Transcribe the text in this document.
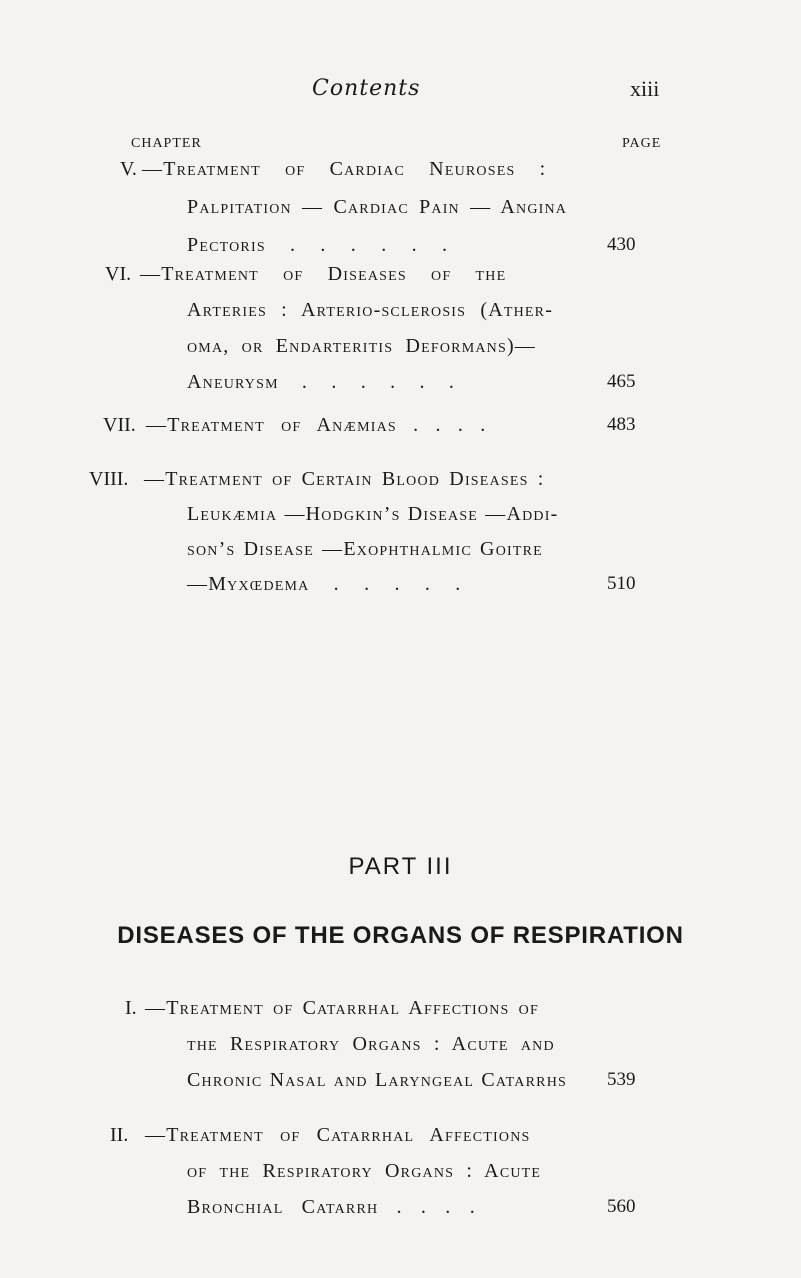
Contents	xiii
CHAPTER	PAGE
V. —Treatment of Cardiac Neuroses :
Palpitation — Cardiac Pain — Angina
Pectoris . . . . . .	430
VI. —Treatment of Diseases of the
Arteries : Arterio-sclerosis (Ather-
oma, or Endarteritis Deformans)—
Aneurysm . . . . . .	465
VII. —Treatment of Anæmias . . . .	483
VIII. —Treatment of Certain Blood Diseases :
Leukæmia —Hodgkin’s Disease —Addi-
son’s Disease —Exophthalmic Goitre
—Myxœdema . . . . .	510
PART III
DISEASES OF THE ORGANS OF RESPIRATION
I. —Treatment of Catarrhal Affections of
the Respiratory Organs : Acute and
Chronic Nasal and Laryngeal Catarrhs 539
II. —Treatment of Catarrhal Affections
of the Respiratory Organs : Acute
Bronchial Catarrh . . . .	560
